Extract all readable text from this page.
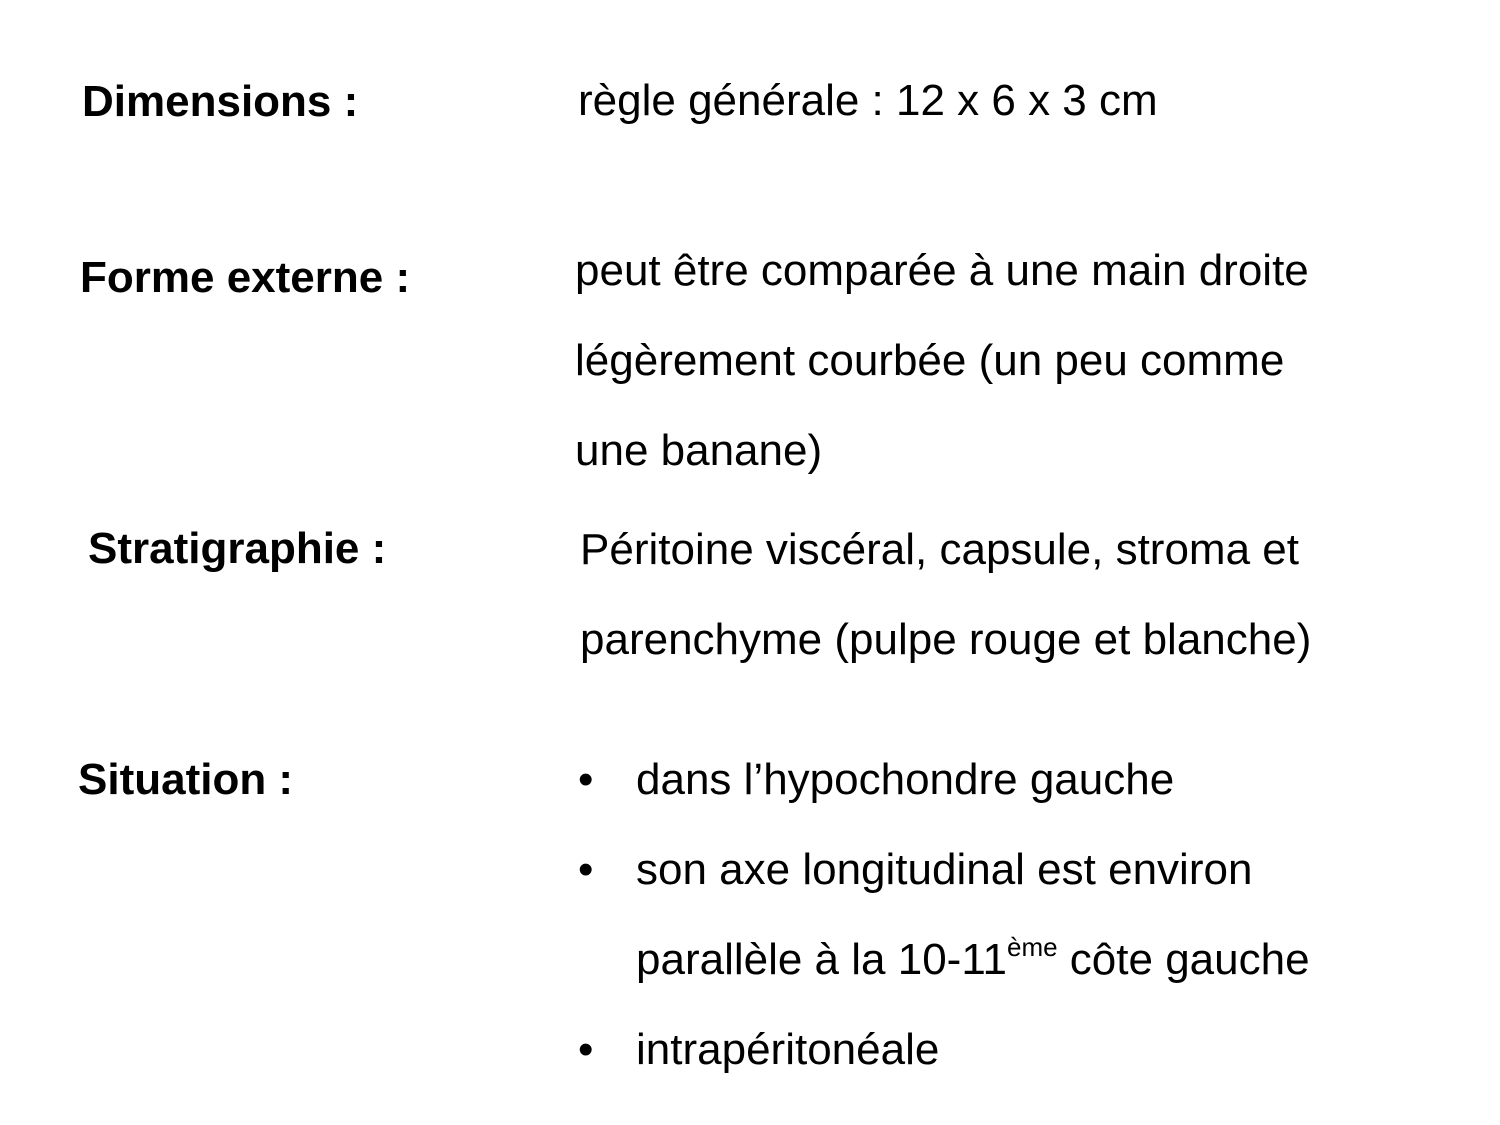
Dimensions :	règle générale : 12 x 6 x 3 cm

Forme externe :	peut être comparée à une main droite

légèrement courbée (un peu comme

une banane)

Stratigraphie :	Péritoine viscéral, capsule, stroma et

parenchyme (pulpe rouge et blanche)

Situation :	• dans l’hypochondre gauche
• son axe longitudinal est environ
parallèle à la 10-11ème côte gauche
• intrapéritonéale
